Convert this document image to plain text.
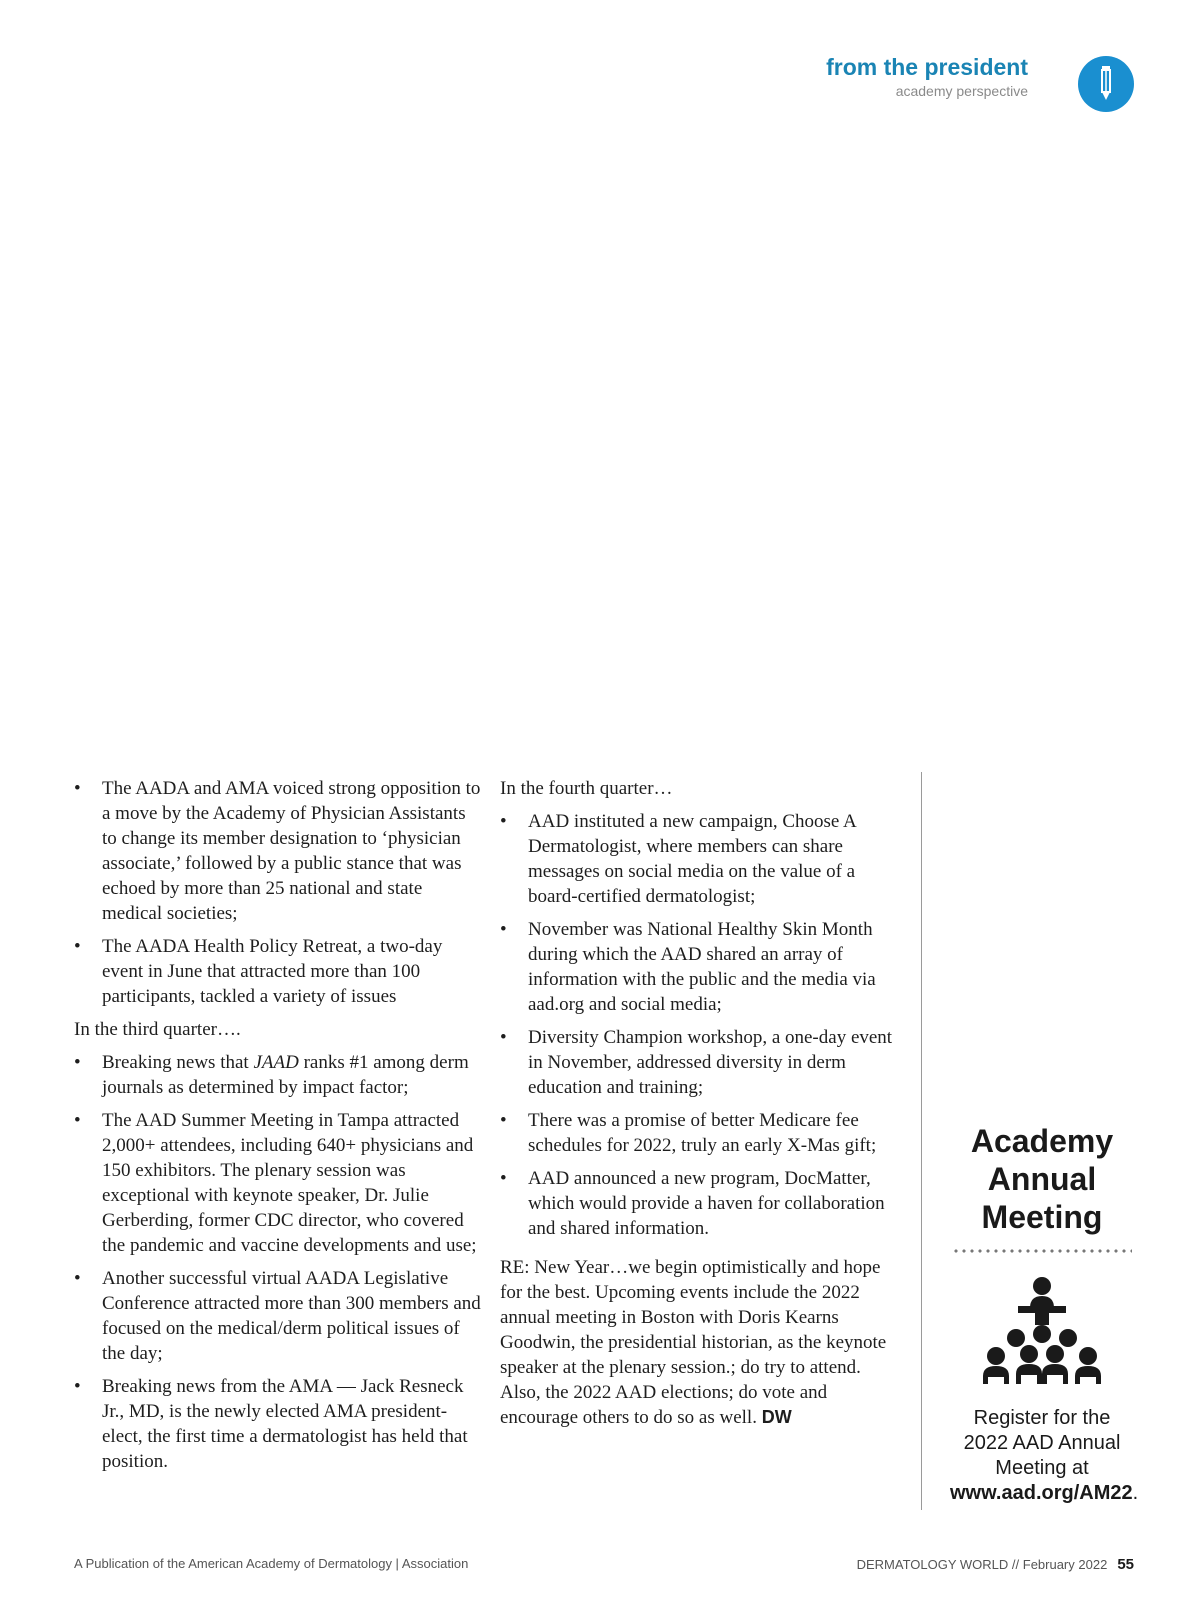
from the president
academy perspective
• The AADA and AMA voiced strong opposition to a move by the Academy of Physician Assistants to change its member designation to ‘physician associate,’ followed by a public stance that was echoed by more than 25 national and state medical societies;
• The AADA Health Policy Retreat, a two-day event in June that attracted more than 100 participants, tackled a variety of issues

In the third quarter….

• Breaking news that JAAD ranks #1 among derm journals as determined by impact factor;
• The AAD Summer Meeting in Tampa attracted 2,000+ attendees, including 640+ physicians and 150 exhibitors. The plenary session was exceptional with keynote speaker, Dr. Julie Gerberding, former CDC director, who covered the pandemic and vaccine developments and use;
• Another successful virtual AADA Legislative Conference attracted more than 300 members and focused on the medical/derm political issues of the day;
• Breaking news from the AMA — Jack Resneck Jr., MD, is the newly elected AMA president-elect, the first time a dermatologist has held that position.

In the fourth quarter…

• AAD instituted a new campaign, Choose A Dermatologist, where members can share messages on social media on the value of a board-certified dermatologist;
• November was National Healthy Skin Month during which the AAD shared an array of information with the public and the media via aad.org and social media;
• Diversity Champion workshop, a one-day event in November, addressed diversity in derm education and training;
• There was a promise of better Medicare fee schedules for 2022, truly an early X-Mas gift;
• AAD announced a new program, DocMatter, which would provide a haven for collaboration and shared information.

RE: New Year…we begin optimistically and hope for the best. Upcoming events include the 2022 annual meeting in Boston with Doris Kearns Goodwin, the presidential historian, as the keynote speaker at the plenary session.; do try to attend. Also, the 2022 AAD elections; do vote and encourage others to do so as well. DW

Academy
Annual
Meeting
Register for the 2022 AAD Annual Meeting at www.aad.org/AM22.
A Publication of the American Academy of Dermatology | Association	DERMATOLOGY WORLD // February 2022 55
